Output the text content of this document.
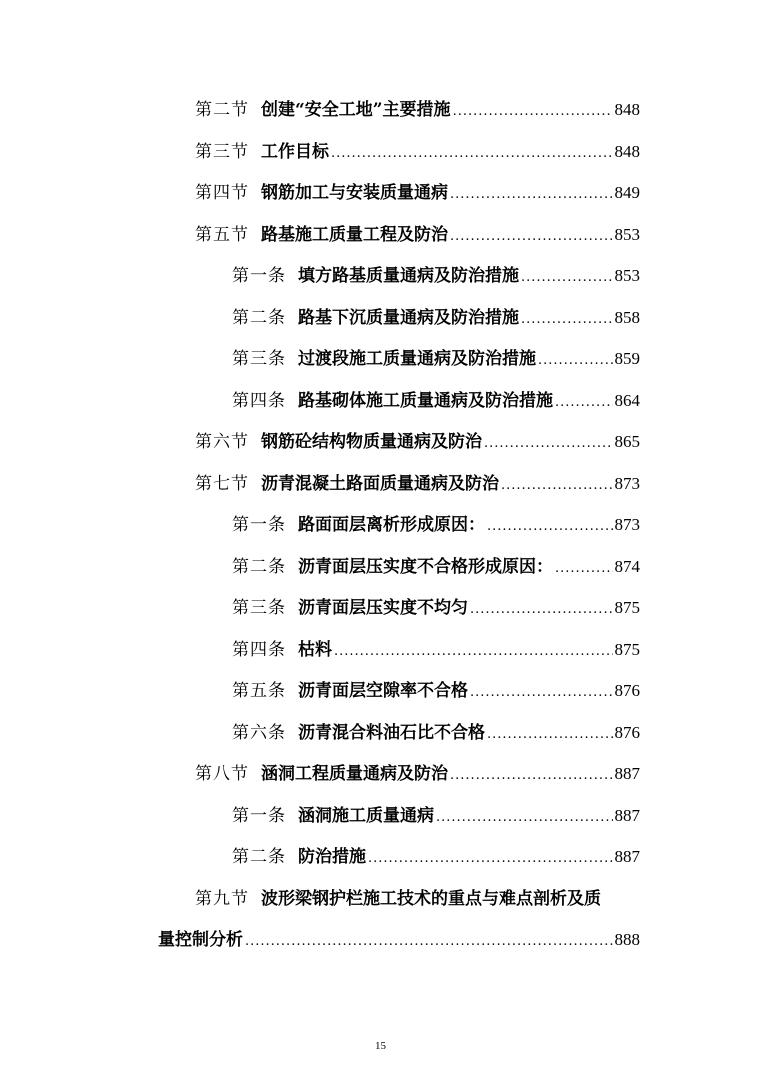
第二节 创建“安全工地”主要措施 .....	848
第三节 工作目标 .....	848
第四节 钢筋加工与安装质量通病 .....	849
第五节 路基施工质量工程及防治 .....	853
第一条 填方路基质量通病及防治措施 .....	853
第二条 路基下沉质量通病及防治措施 .....	858
第三条 过渡段施工质量通病及防治措施 .....	859
第四条 路基砌体施工质量通病及防治措施 .....	864
第六节 钢筋砼结构物质量通病及防治 .....	865
第七节 沥青混凝土路面质量通病及防治 .....	873
第一条 路面面层离析形成原因： .....	873
第二条 沥青面层压实度不合格形成原因： .....	874
第三条 沥青面层压实度不均匀 .....	875
第四条 枯料 .....	875
第五条 沥青面层空隙率不合格 .....	876
第六条 沥青混合料油石比不合格 .....	876
第八节 涵洞工程质量通病及防治 .....	887
第一条 涵洞施工质量通病 .....	887
第二条 防治措施 .....	887
第九节 波形梁钢护栏施工技术的重点与难点剖析及质
量控制分析 .....	888
15
